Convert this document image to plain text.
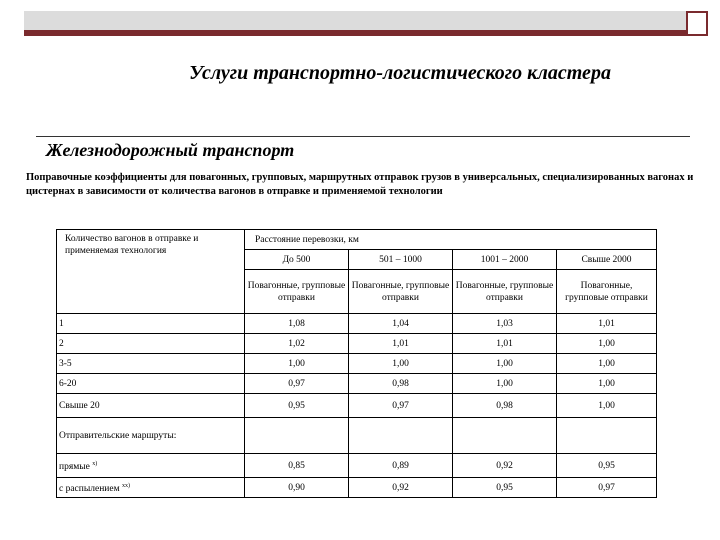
Услуги транспортно-логистического кластера
Железнодорожный транспорт
Поправочные коэффициенты для повагонных, групповых, маршрутных отправок грузов в универсальных, специализированных вагонах и цистернах в зависимости от количества вагонов в отправке и применяемой технологии
Количество вагонов в отправке и применяемая технология	Расстояние перевозки, км			
	До 500	501 – 1000	1001 – 2000	Свыше 2000
	Повагонные, групповые отправки	Повагонные, групповые отправки	Повагонные, групповые отправки	Повагонные, групповые отправки
1	1,08	1,04	1,03	1,01
2	1,02	1,01	1,01	1,00
3-5	1,00	1,00	1,00	1,00
6-20	0,97	0,98	1,00	1,00
Свыше 20	0,95	0,97	0,98	1,00
Отправительские маршруты:				
прямые $^{x)}$	0,85	0,89	0,92	0,95
с распылением $^{xx)}$	0,90	0,92	0,95	0,97
